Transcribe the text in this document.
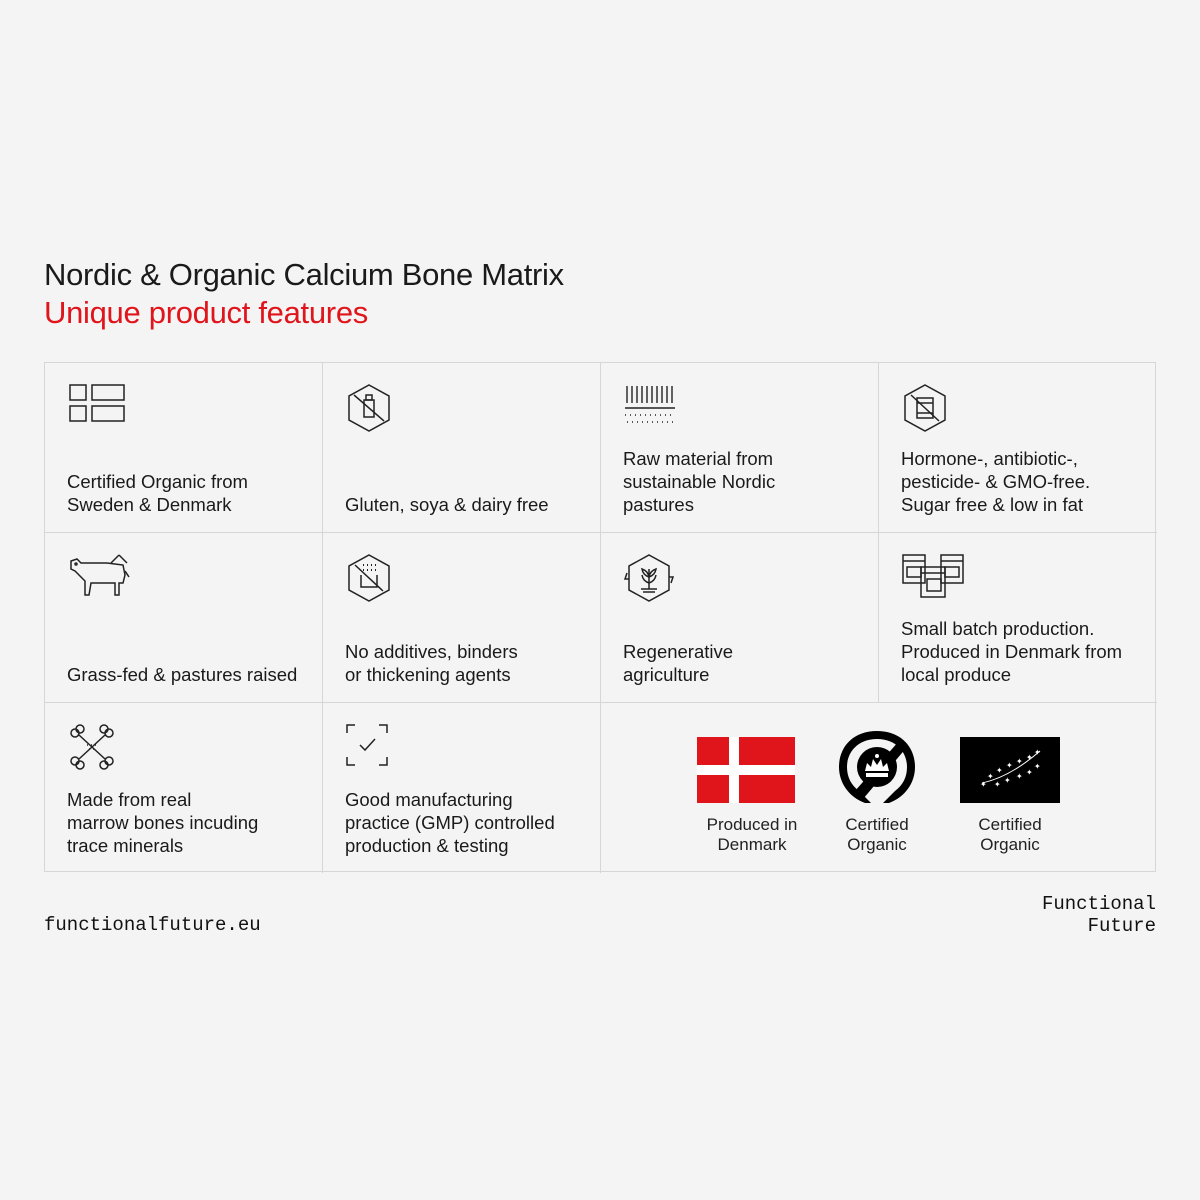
Nordic & Organic Calcium Bone Matrix
Unique product features
Certified Organic from
Sweden & Denmark	Gluten, soya & dairy free
Raw material from
sustainable Nordic
pastures
Hormone-, antibiotic-,
pesticide- & GMO-free.
Sugar free & low in fat
Grass-fed & pastures raised
No additives, binders
or thickening agents
Regenerative
agriculture
Small batch production.
Produced in Denmark from
local produce
Made from real
marrow bones incuding
trace minerals
Good manufacturing
practice (GMP) controlled
production & testing
Produced in
Denmark
Certified
Organic
✦
✦
✦
✦ ✦ ✦
✦
✦ ✦ ✦
✦
✦
Certified
Organic
functionalfuture.eu
Functional
Future
